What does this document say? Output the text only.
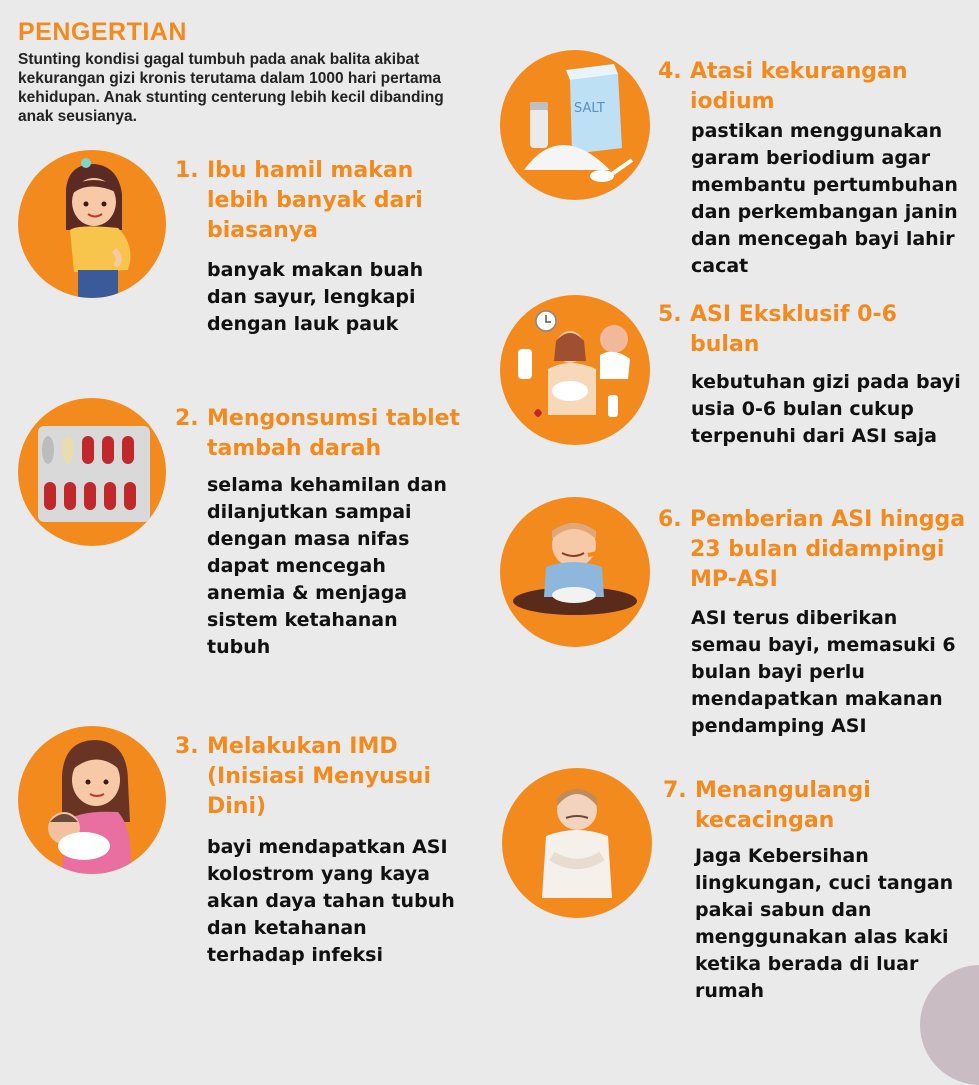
PENGERTIAN
Stunting kondisi gagal tumbuh pada anak balita akibat kekurangan gizi kronis terutama dalam 1000 hari pertama kehidupan. Anak stunting centerung lebih kecil dibanding anak seusianya.
1. Ibu hamil makan lebih banyak dari biasanya
banyak makan buah dan sayur, lengkapi dengan lauk pauk
2. Mengonsumsi tablet tambah darah
selama kehamilan dan dilanjutkan sampai dengan masa nifas dapat mencegah anemia & menjaga sistem ketahanan tubuh
3. Melakukan IMD (Inisiasi Menyusui Dini)
bayi mendapatkan ASI kolostrom yang kaya akan daya tahan tubuh dan ketahanan terhadap infeksi
SALT
4. Atasi kekurangan iodium
pastikan menggunakan garam beriodium agar membantu pertumbuhan dan perkembangan janin dan mencegah bayi lahir cacat
5. ASI Eksklusif 0-6 bulan
kebutuhan gizi pada bayi usia 0-6 bulan cukup terpenuhi dari ASI saja
6. Pemberian ASI hingga 23 bulan didampingi MP-ASI
ASI terus diberikan semau bayi, memasuki 6 bulan bayi perlu mendapatkan makanan pendamping ASI
7. Menangulangi kecacingan
Jaga Kebersihan lingkungan, cuci tangan pakai sabun dan menggunakan alas kaki ketika berada di luar rumah
